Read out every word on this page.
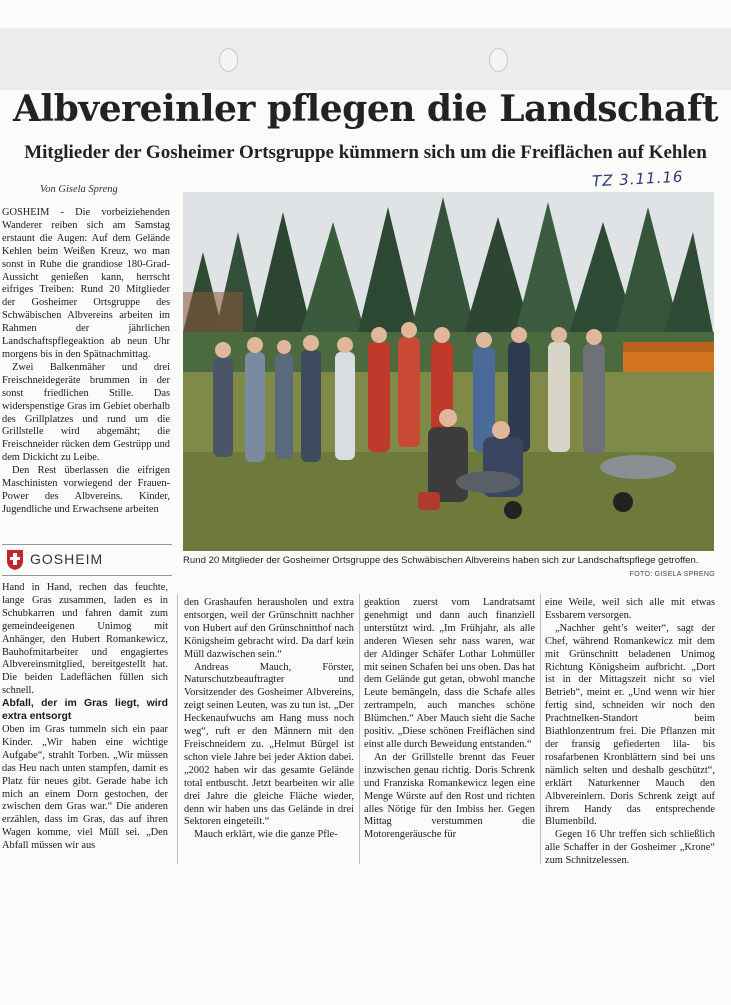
Albvereinler pflegen die Landschaft
Mitglieder der Gosheimer Ortsgruppe kümmern sich um die Freiflächen auf Kehlen
Von Gisela Spreng	TZ 3.11.16

GOSHEIM - Die vorbeiziehenden Wanderer reiben sich am Samstag erstaunt die Augen: Auf dem Gelände Kehlen beim Weißen Kreuz, wo man sonst in Ruhe die grandiose 180-Grad-Aussicht genießen kann, herrscht eifriges Treiben: Rund 20 Mitglieder der Gosheimer Ortsgruppe des Schwäbischen Albvereins arbeiten im Rahmen der jährlichen Landschaftspflegeaktion ab neun Uhr morgens bis in den Spätnachmittag.

Zwei Balkenmäher und drei Freischneidegeräte brummen in der sonst friedlichen Stille. Das widerspenstige Gras im Gebiet oberhalb des Grillplatzes und rund um die Grillstelle wird abgemäht; die Freischneider rücken dem Gestrüpp und dem Dickicht zu Leibe.

Den Rest überlassen die eifrigen Maschinisten vorwiegend der Frauen-Power des Albvereins. Kinder, Jugendliche und Erwachsene arbeiten

Rund 20 Mitglieder der Gosheimer Ortsgruppe des Schwäbischen Albvereins haben sich zur Landschaftspflege getroffen.

FOTO: GISELA SPRENG
GOSHEIM

Hand in Hand, rechen das feuchte, lange Gras zusammen, laden es in Schubkarren und fahren damit zum gemeindeeigenen Unimog mit Anhänger, den Hubert Romankewicz, Bauhofmitarbeiter und engagiertes Albvereinsmitglied, bereitgestellt hat. Die beiden Ladeflächen füllen sich schnell.

Abfall, der im Gras liegt, wird extra entsorgt

Oben im Gras tummeln sich ein paar Kinder. „Wir haben eine wichtige Aufgabe“, strahlt Torben. „Wir müssen das Heu nach unten stampfen, damit es Platz für neues gibt. Gerade habe ich mich an einem Dorn gestochen, der zwischen dem Gras war.“ Die anderen erzählen, dass im Gras, das auf ihren Wagen komme, viel Müll sei. „Den Abfall müssen wir aus

den Grashaufen herausholen und extra entsorgen, weil der Grünschnitt nachher von Hubert auf den Grünschnitthof nach Königsheim gebracht wird. Da darf kein Müll dazwischen sein.“

Andreas Mauch, Förster, Naturschutzbeauftragter und Vorsitzender des Gosheimer Albvereins, zeigt seinen Leuten, was zu tun ist. „Der Heckenaufwuchs am Hang muss noch weg“, ruft er den Männern mit den Freischneidern zu. „Helmut Bürgel ist schon viele Jahre bei jeder Aktion dabei. „2002 haben wir das gesamte Gelände total entbuscht. Jetzt bearbeiten wir alle drei Jahre die gleiche Fläche wieder, denn wir haben uns das Gelände in drei Sektoren eingeteilt.“

Mauch erklärt, wie die ganze Pfle-

geaktion zuerst vom Landratsamt genehmigt und dann auch finanziell unterstützt wird. „Im Frühjahr, als alle anderen Wiesen sehr nass waren, war der Aldinger Schäfer Lothar Lohmüller mit seinen Schafen bei uns oben. Das hat dem Gelände gut getan, obwohl manche Leute bemängeln, dass die Schafe alles zertrampeln, auch manches schöne Blümchen.“ Aber Mauch sieht die Sache positiv. „Diese schönen Freiflächen sind einst alle durch Beweidung entstanden.“

An der Grillstelle brennt das Feuer inzwischen genau richtig. Doris Schrenk und Franziska Romankewicz legen eine Menge Würste auf den Rost und richten alles Nötige für den Imbiss her. Gegen Mittag verstummen die Motorengeräusche für

eine Weile, weil sich alle mit etwas Essbarem versorgen.

„Nachher geht’s weiter“, sagt der Chef, während Romankewicz mit dem mit Grünschnitt beladenen Unimog Richtung Königsheim aufbricht. „Dort ist in der Mittagszeit nicht so viel Betrieb“, meint er. „Und wenn wir hier fertig sind, schneiden wir noch den Prachtnelken-Standort beim Biathlonzentrum frei. Die Pflanzen mit der fransig gefiederten lila- bis rosafarbenen Kronblättern sind bei uns nämlich selten und deshalb geschützt“, erklärt Naturkenner Mauch den Albvereinlern. Doris Schrenk zeigt auf ihrem Handy das entsprechende Blumenbild.

Gegen 16 Uhr treffen sich schließlich alle Schaffer in der Gosheimer „Krone“ zum Schnitzelessen.
